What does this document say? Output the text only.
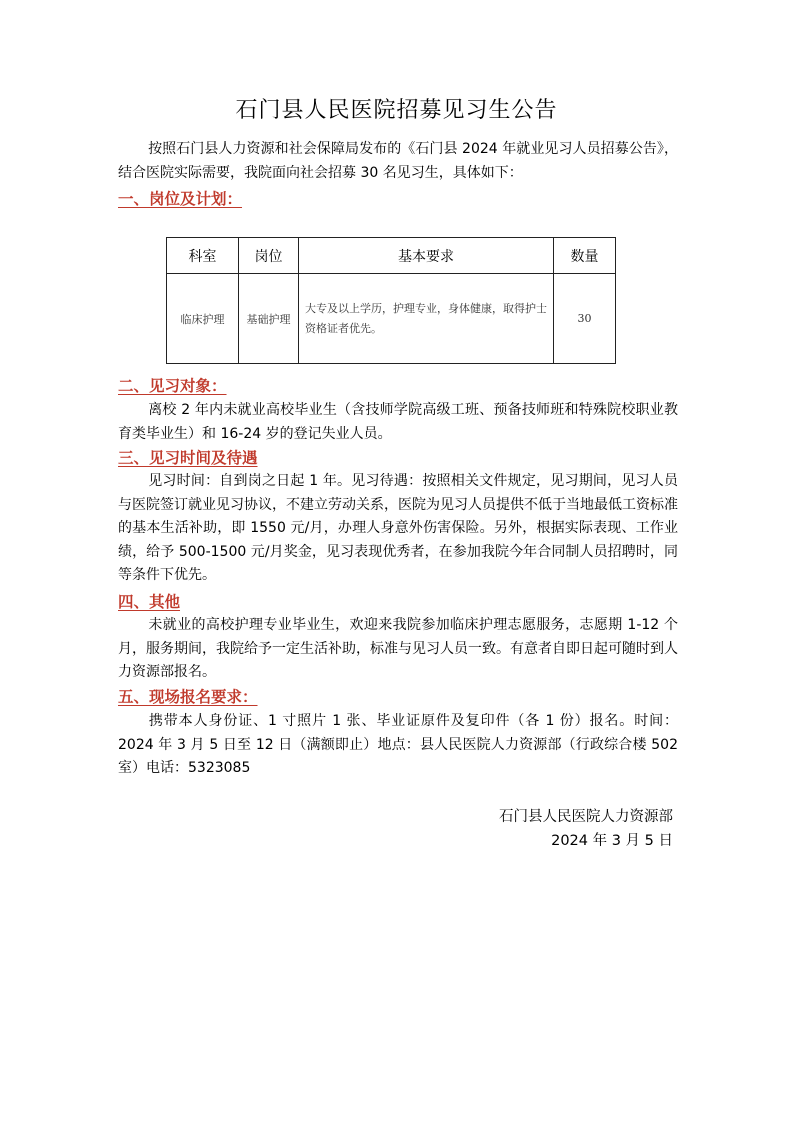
石门县人民医院招募见习生公告
按照石门县人力资源和社会保障局发布的《石门县 2024 年就业见习人员招募公告》，结合医院实际需要，我院面向社会招募 30 名见习生，具体如下：
一、岗位及计划：
科室	岗位	基本要求	数量
临床护理	基础护理	大专及以上学历，护理专业，身体健康，取得护士资格证者优先。	30
二、见习对象：
离校 2 年内未就业高校毕业生（含技师学院高级工班、预备技师班和特殊院校职业教育类毕业生）和 16-24 岁的登记失业人员。
三、见习时间及待遇
见习时间：自到岗之日起 1 年。见习待遇：按照相关文件规定，见习期间，见习人员与医院签订就业见习协议，不建立劳动关系，医院为见习人员提供不低于当地最低工资标准的基本生活补助，即 1550 元/月，办理人身意外伤害保险。另外，根据实际表现、工作业绩，给予 500-1500 元/月奖金，见习表现优秀者，在参加我院今年合同制人员招聘时，同等条件下优先。
四、其他
未就业的高校护理专业毕业生，欢迎来我院参加临床护理志愿服务，志愿期 1-12 个月，服务期间，我院给予一定生活补助，标准与见习人员一致。有意者自即日起可随时到人力资源部报名。
五、现场报名要求：
携带本人身份证、1 寸照片 1 张、毕业证原件及复印件（各 1 份）报名。时间：2024 年 3 月 5 日至 12 日（满额即止）地点：县人民医院人力资源部（行政综合楼 502 室）电话：5323085
石门县人民医院人力资源部
2024 年 3 月 5 日
